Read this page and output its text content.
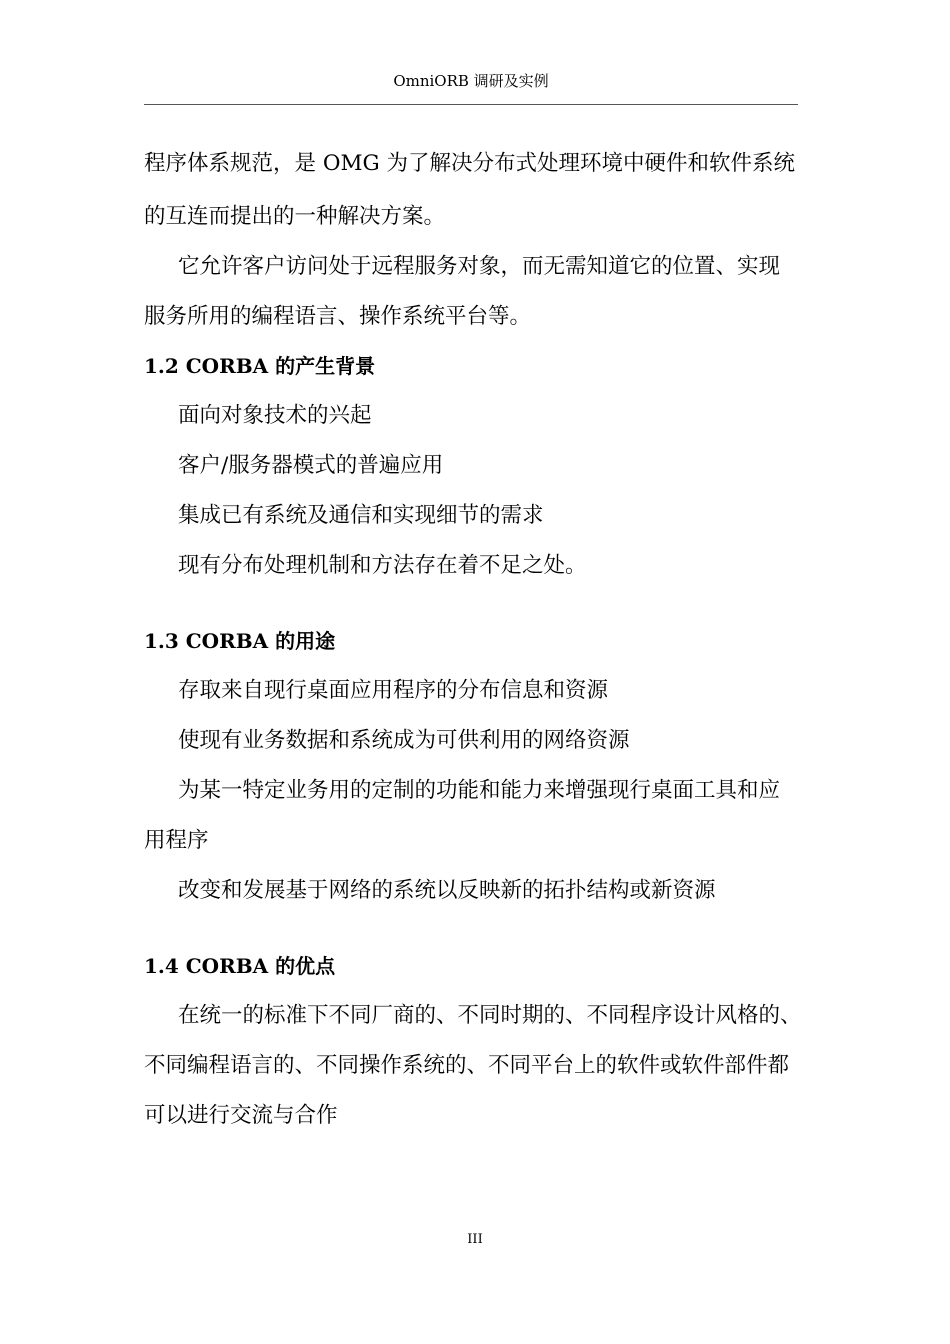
OmniORB 调研及实例
程序体系规范，是 OMG 为了解决分布式处理环境中硬件和软件系统
的互连而提出的一种解决方案。
它允许客户访问处于远程服务对象，而无需知道它的位置、实现
服务所用的编程语言、操作系统平台等。
1.2 CORBA 的产生背景
面向对象技术的兴起
客户/服务器模式的普遍应用
集成已有系统及通信和实现细节的需求
现有分布处理机制和方法存在着不足之处。
1.3 CORBA 的用途
存取来自现行桌面应用程序的分布信息和资源
使现有业务数据和系统成为可供利用的网络资源
为某一特定业务用的定制的功能和能力来增强现行桌面工具和应
用程序
改变和发展基于网络的系统以反映新的拓扑结构或新资源
1.4 CORBA 的优点
在统一的标准下不同厂商的、不同时期的、不同程序设计风格的、
不同编程语言的、不同操作系统的、不同平台上的软件或软件部件都
可以进行交流与合作
III
